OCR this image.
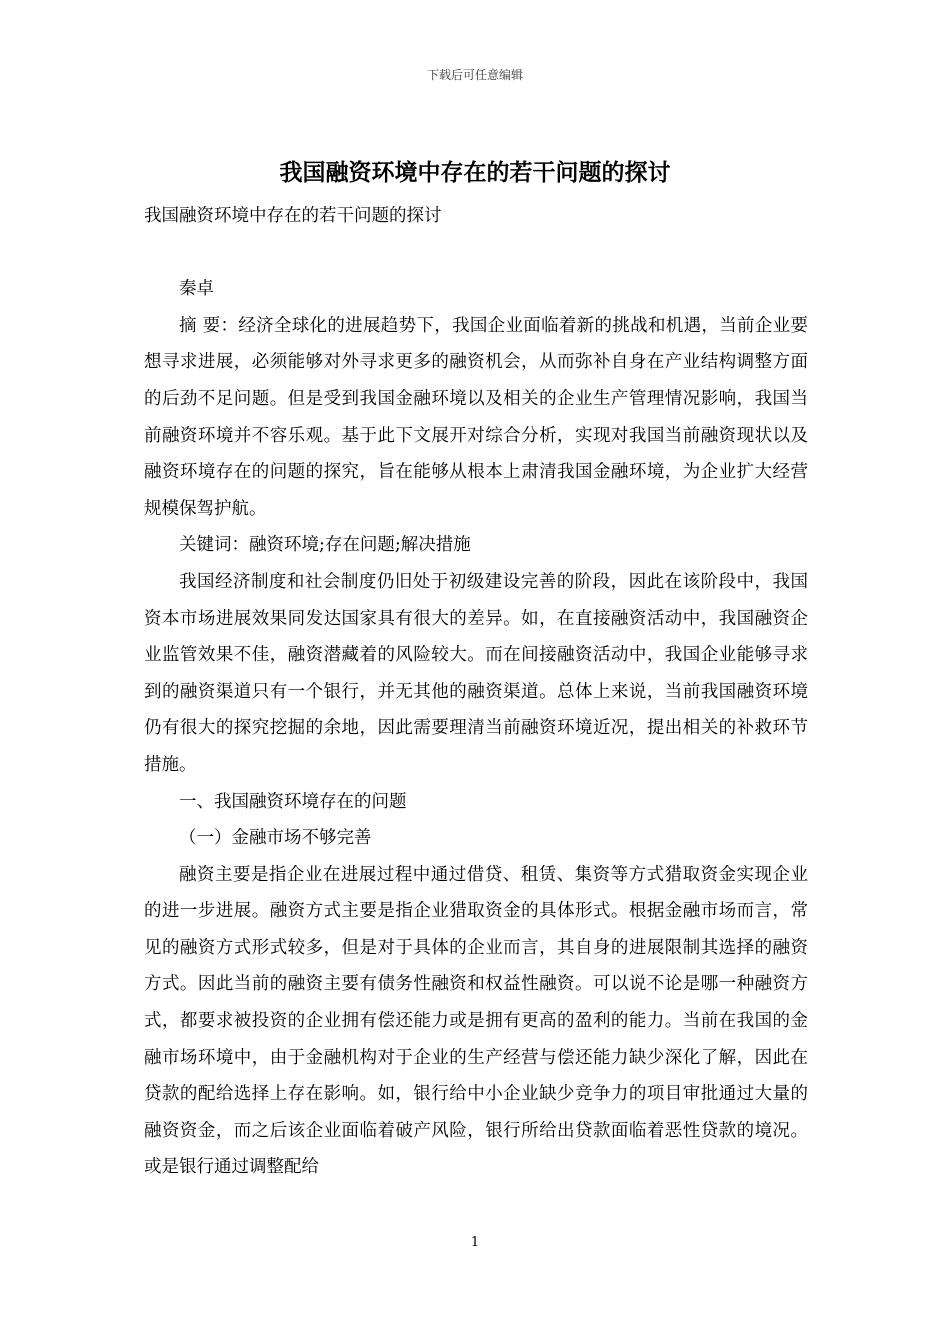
下载后可任意编辑
我国融资环境中存在的若干问题的探讨

我国融资环境中存在的若干问题的探讨

秦卓

摘 要：经济全球化的进展趋势下，我国企业面临着新的挑战和机遇，当前企业要想寻求进展，必须能够对外寻求更多的融资机会，从而弥补自身在产业结构调整方面的后劲不足问题。但是受到我国金融环境以及相关的企业生产管理情况影响，我国当前融资环境并不容乐观。基于此下文展开对综合分析，实现对我国当前融资现状以及融资环境存在的问题的探究，旨在能够从根本上肃清我国金融环境，为企业扩大经营规模保驾护航。

关键词：融资环境;存在问题;解决措施

我国经济制度和社会制度仍旧处于初级建设完善的阶段，因此在该阶段中，我国资本市场进展效果同发达国家具有很大的差异。如，在直接融资活动中，我国融资企业监管效果不佳，融资潜藏着的风险较大。而在间接融资活动中，我国企业能够寻求到的融资渠道只有一个银行，并无其他的融资渠道。总体上来说，当前我国融资环境仍有很大的探究挖掘的余地，因此需要理清当前融资环境近况，提出相关的补救环节措施。

一、我国融资环境存在的问题

（一）金融市场不够完善

融资主要是指企业在进展过程中通过借贷、租赁、集资等方式猎取资金实现企业的进一步进展。融资方式主要是指企业猎取资金的具体形式。根据金融市场而言，常见的融资方式形式较多，但是对于具体的企业而言，其自身的进展限制其选择的融资方式。因此当前的融资主要有债务性融资和权益性融资。可以说不论是哪一种融资方式，都要求被投资的企业拥有偿还能力或是拥有更高的盈利的能力。当前在我国的金融市场环境中，由于金融机构对于企业的生产经营与偿还能力缺少深化了解，因此在贷款的配给选择上存在影响。如，银行给中小企业缺少竞争力的项目审批通过大量的融资资金，而之后该企业面临着破产风险，银行所给出贷款面临着恶性贷款的境况。或是银行通过调整配给

1
